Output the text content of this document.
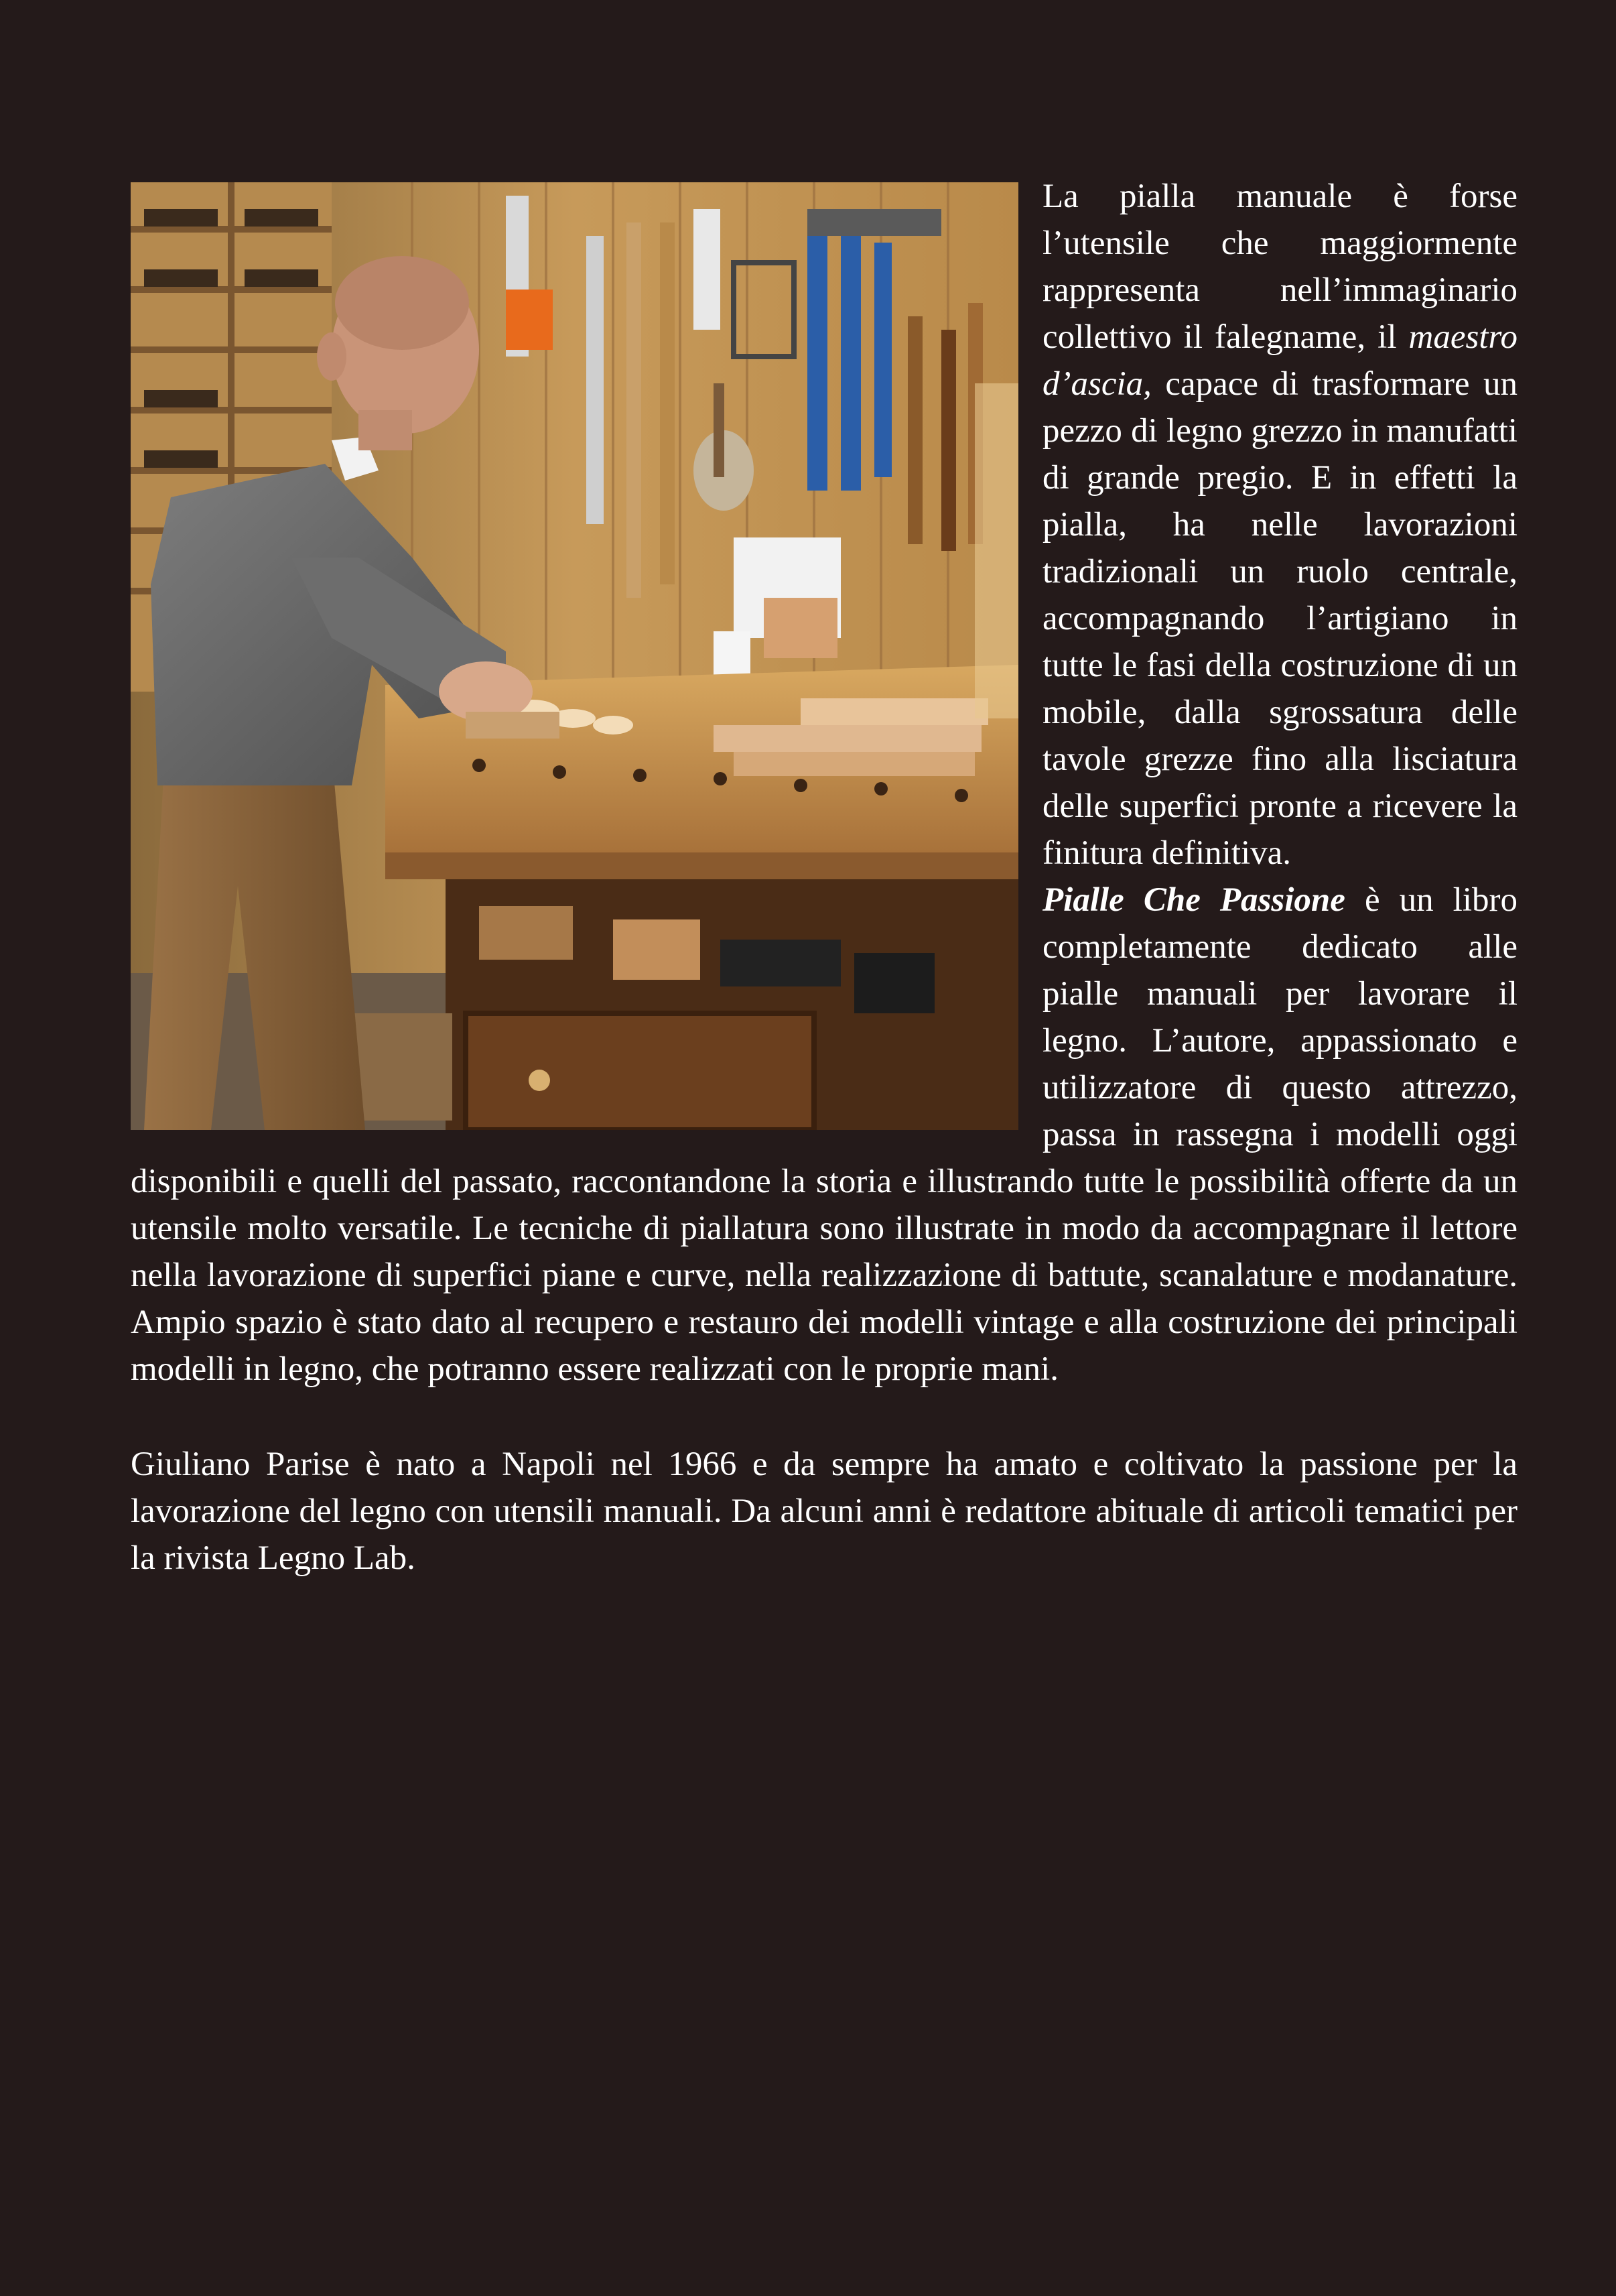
La pialla manuale è forse l’utensile che maggiormente rappresenta nell’immaginario collettivo il falegname, il maestro d’ascia, capace di trasformare un pezzo di legno grezzo in manufatti di grande pregio. E in effetti la pialla, ha nelle lavorazioni tradizionali un ruolo centrale, accompagnando l’artigiano in tutte le fasi della costruzione di un mobile, dalla sgrossatura delle tavole grezze fino alla lisciatura delle superfici pronte a ricevere la finitura definitiva.

Pialle Che Passione è un libro completamente dedicato alle pialle manuali per lavorare il legno. L’autore, appassionato e utilizzatore di questo attrezzo, passa in rassegna i modelli oggi disponibili e quelli del passato, raccontandone la storia e illustrando tutte le possibilità offerte da un utensile molto versatile. Le tecniche di piallatura sono illustrate in modo da accompagnare il lettore nella lavorazione di superfici piane e curve, nella realizzazione di battute, scanalature e modanature. Ampio spazio è stato dato al recupero e restauro dei modelli vintage e alla costruzione dei principali modelli in legno, che potranno essere realizzati con le proprie mani.

Giuliano Parise è nato a Napoli nel 1966 e da sempre ha amato e coltivato la passione per la lavorazione del legno con utensili manuali. Da alcuni anni è redattore abituale di articoli tematici per la rivista Legno Lab.
